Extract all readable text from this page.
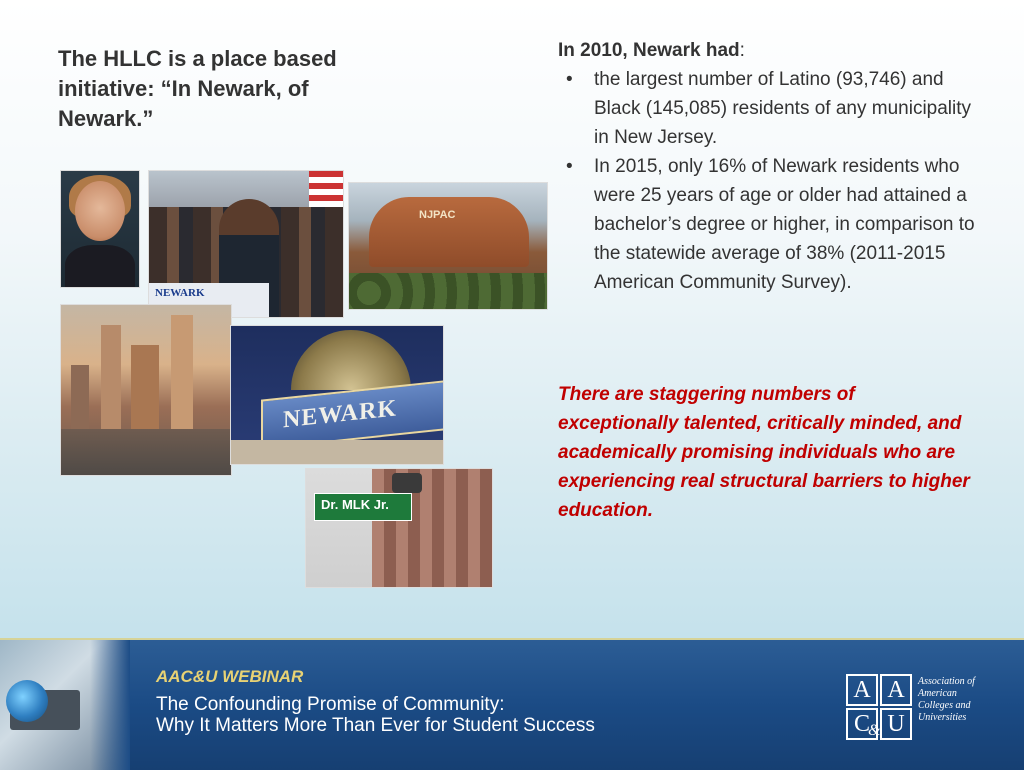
The HLLC is a place based initiative: “In Newark, of Newark.”
NEWARK
NJPAC
NEWARK
Dr. MLK Jr.

In 2010, Newark had:

• the largest number of Latino (93,746) and Black (145,085) residents of any municipality in New Jersey.
• In 2015, only 16% of Newark residents who were 25 years of age or older had attained a bachelor’s degree or higher, in comparison to the statewide average of 38% (2011-2015 American Community Survey).
There are staggering numbers of exceptionally talented, critically minded, and academically promising individuals who are experiencing real structural barriers to higher education.
AAC&U WEBINAR
The Confounding Promise of Community:
Why It Matters More Than Ever for Student Success
A A
C U
&
Association of American Colleges and Universities
